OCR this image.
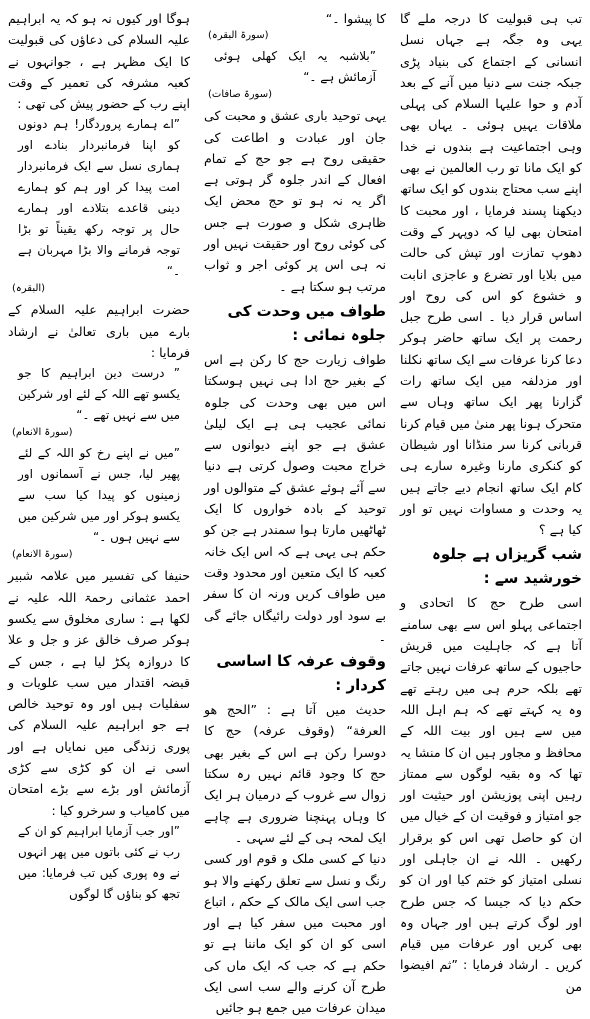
ہوگا اور کیوں نہ ہو کہ یہ ابراہیم علیہ السلام کی دعاؤں کی قبولیت کا ایک مظہر ہے ، جوانہوں نے کعبہ مشرفہ کی تعمیر کے وقت اپنے رب کے حضور پیش کی تھی :

”اے ہمارے پروردگار! ہم دونوں کو اپنا فرمانبردار بنادے اور ہماری نسل سے ایک فرمانبردار امت پیدا کر اور ہم کو ہمارے دینی قاعدے بتلادے اور ہمارے حال پر توجہ رکھ یقیناً تو بڑا توجہ فرمانے والا بڑا مہربان ہے ۔“

(البقرہ)

حضرت ابراہیم علیہ السلام کے بارے میں باری تعالیٰ نے ارشاد فرمایا :

” درست دین ابراہیم کا جو یکسو تھے اللہ کے لئے اور شرکین میں سے نہیں تھے ۔“

(سورۃ الانعام)

”میں نے اپنے رخ کو اللہ کے لئے پھیر لیا، جس نے آسمانوں اور زمینوں کو پیدا کیا سب سے یکسو ہوکر اور میں شرکین میں سے نہیں ہوں ۔“

(سورۃ الانعام)

حنیفا کی تفسیر میں علامہ شبیر احمد عثمانی رحمۃ اللہ علیہ نے لکھا ہے : ساری مخلوق سے یکسو ہوکر صرف خالق عز و جل و علا کا دروازہ پکڑ لیا ہے ، جس کے قبضہ اقتدار میں سب علویات و سفلیات ہیں اور وہ توحید خالص ہے جو ابراہیم علیہ السلام کی پوری زندگی میں نمایاں ہے اور اسی نے ان کو کڑی سے کڑی آزمائش اور بڑے سے بڑے امتحان میں کامیاب و سرخرو کیا :

”اور جب آزمایا ابراہیم کو ان کے رب نے کئی باتوں میں پھر انہوں نے وہ پوری کیں تب فرمایا: میں تجھ کو بناؤں گا لوگوں

کا پیشوا ۔“

(سورۃ البقرہ)

”بلاشبہ یہ ایک کھلی ہوئی آزمائش ہے ۔“

(سورۃ صافات)

یہی توحید باری عشق و محبت کی جان اور عبادت و اطاعت کی حقیقی روح ہے جو حج کے تمام افعال کے اندر جلوہ گر ہوتی ہے اگر یہ نہ ہو تو حج محض ایک ظاہری شکل و صورت ہے جس کی کوئی روح اور حقیقت نہیں اور نہ ہی اس پر کوئی اجر و ثواب مرتب ہو سکتا ہے ۔

طواف میں وحدت کی جلوہ نمائی :

طواف زیارت حج کا رکن ہے اس کے بغیر حج ادا ہی نہیں ہوسکتا اس میں بھی وحدت کی جلوہ نمائی عجیب ہی ہے ایک لیلیٰ عشق ہے جو اپنے دیوانوں سے خراج محبت وصول کرتی ہے دنیا سے آئے ہوئے عشق کے متوالوں اور توحید کے بادہ خواروں کا ایک ٹھاٹھیں مارتا ہوا سمندر ہے جن کو حکم ہی یہی ہے کہ اس ایک خانہ کعبہ کا ایک متعین اور محدود وقت میں طواف کریں ورنہ ان کا سفر بے سود اور دولت رائیگاں جائے گی ۔

وقوف عرفہ کا اساسی کردار :

حدیث میں آتا ہے : ”الحج هو العرفة“ (وقوف عرفہ) حج کا دوسرا رکن ہے اس کے بغیر بھی حج کا وجود قائم نہیں رہ سکتا زوال سے غروب کے درمیان ہر ایک کا وہاں پہنچنا ضروری ہے چاہے ایک لمحہ ہی کے لئے سہی ۔

دنیا کے کسی ملک و قوم اور کسی رنگ و نسل سے تعلق رکھنے والا ہو جب اسی ایک مالک کے حکم ، اتباع اور محبت میں سفر کیا ہے اور اسی کو ان کو ایک ماننا ہے تو حکم ہے کہ جب کہ ایک ماں کی طرح آن کرنے والے سب اسی ایک میدان عرفات میں جمع ہو جائیں

تب ہی قبولیت کا درجہ ملے گا یہی وہ جگہ ہے جہاں نسل انسانی کے اجتماع کی بنیاد پڑی جبکہ جنت سے دنیا میں آنے کے بعد آدم و حوا علیہا السلام کی پہلی ملاقات یہیں ہوئی ۔ یہاں بھی وہی اجتماعیت ہے بندوں نے خدا کو ایک مانا تو رب العالمین نے بھی اپنے سب محتاج بندوں کو ایک ساتھ دیکھنا پسند فرمایا ، اور محبت کا امتحان بھی لیا کہ دوپہر کے وقت دھوپ تمازت اور تپش کی حالت میں بلایا اور تضرع و عاجزی انابت و خشوع کو اس کی روح اور اساس قرار دیا ۔ اسی طرح جبل رحمت پر ایک ساتھ حاضر ہوکر دعا کرنا عرفات سے ایک ساتھ نکلنا اور مزدلفہ میں ایک ساتھ رات گزارنا پھر ایک ساتھ وہاں سے متحرک ہونا پھر منیٰ میں قیام کرنا قربانی کرنا سر منڈانا اور شیطان کو کنکری مارنا وغیرہ سارے ہی کام ایک ساتھ انجام دیے جاتے ہیں یہ وحدت و مساوات نہیں تو اور کیا ہے ؟

شب گریزاں ہے جلوہ خورشید سے :

اسی طرح حج کا اتحادی و اجتماعی پہلو اس سے بھی سامنے آتا ہے کہ جاہلیت میں قریش حاجیوں کے ساتھ عرفات نہیں جاتے تھے بلکہ حرم ہی میں رہتے تھے وہ یہ کہتے تھے کہ ہم اہل اللہ میں سے ہیں اور بیت اللہ کے محافظ و مجاور ہیں ان کا منشا یہ تھا کہ وہ بقیہ لوگوں سے ممتاز رہیں اپنی پوزیشن اور حیثیت اور جو امتیاز و فوقیت ان کے خیال میں ان کو حاصل تھی اس کو برقرار رکھیں ۔ اللہ نے ان جاہلی اور نسلی امتیاز کو ختم کیا اور ان کو حکم دیا کہ جیسا کہ جس طرح اور لوگ کرتے ہیں اور جہاں وہ بھی کریں اور عرفات میں قیام کریں ۔ ارشاد فرمایا : ”ثم افيضوا من
